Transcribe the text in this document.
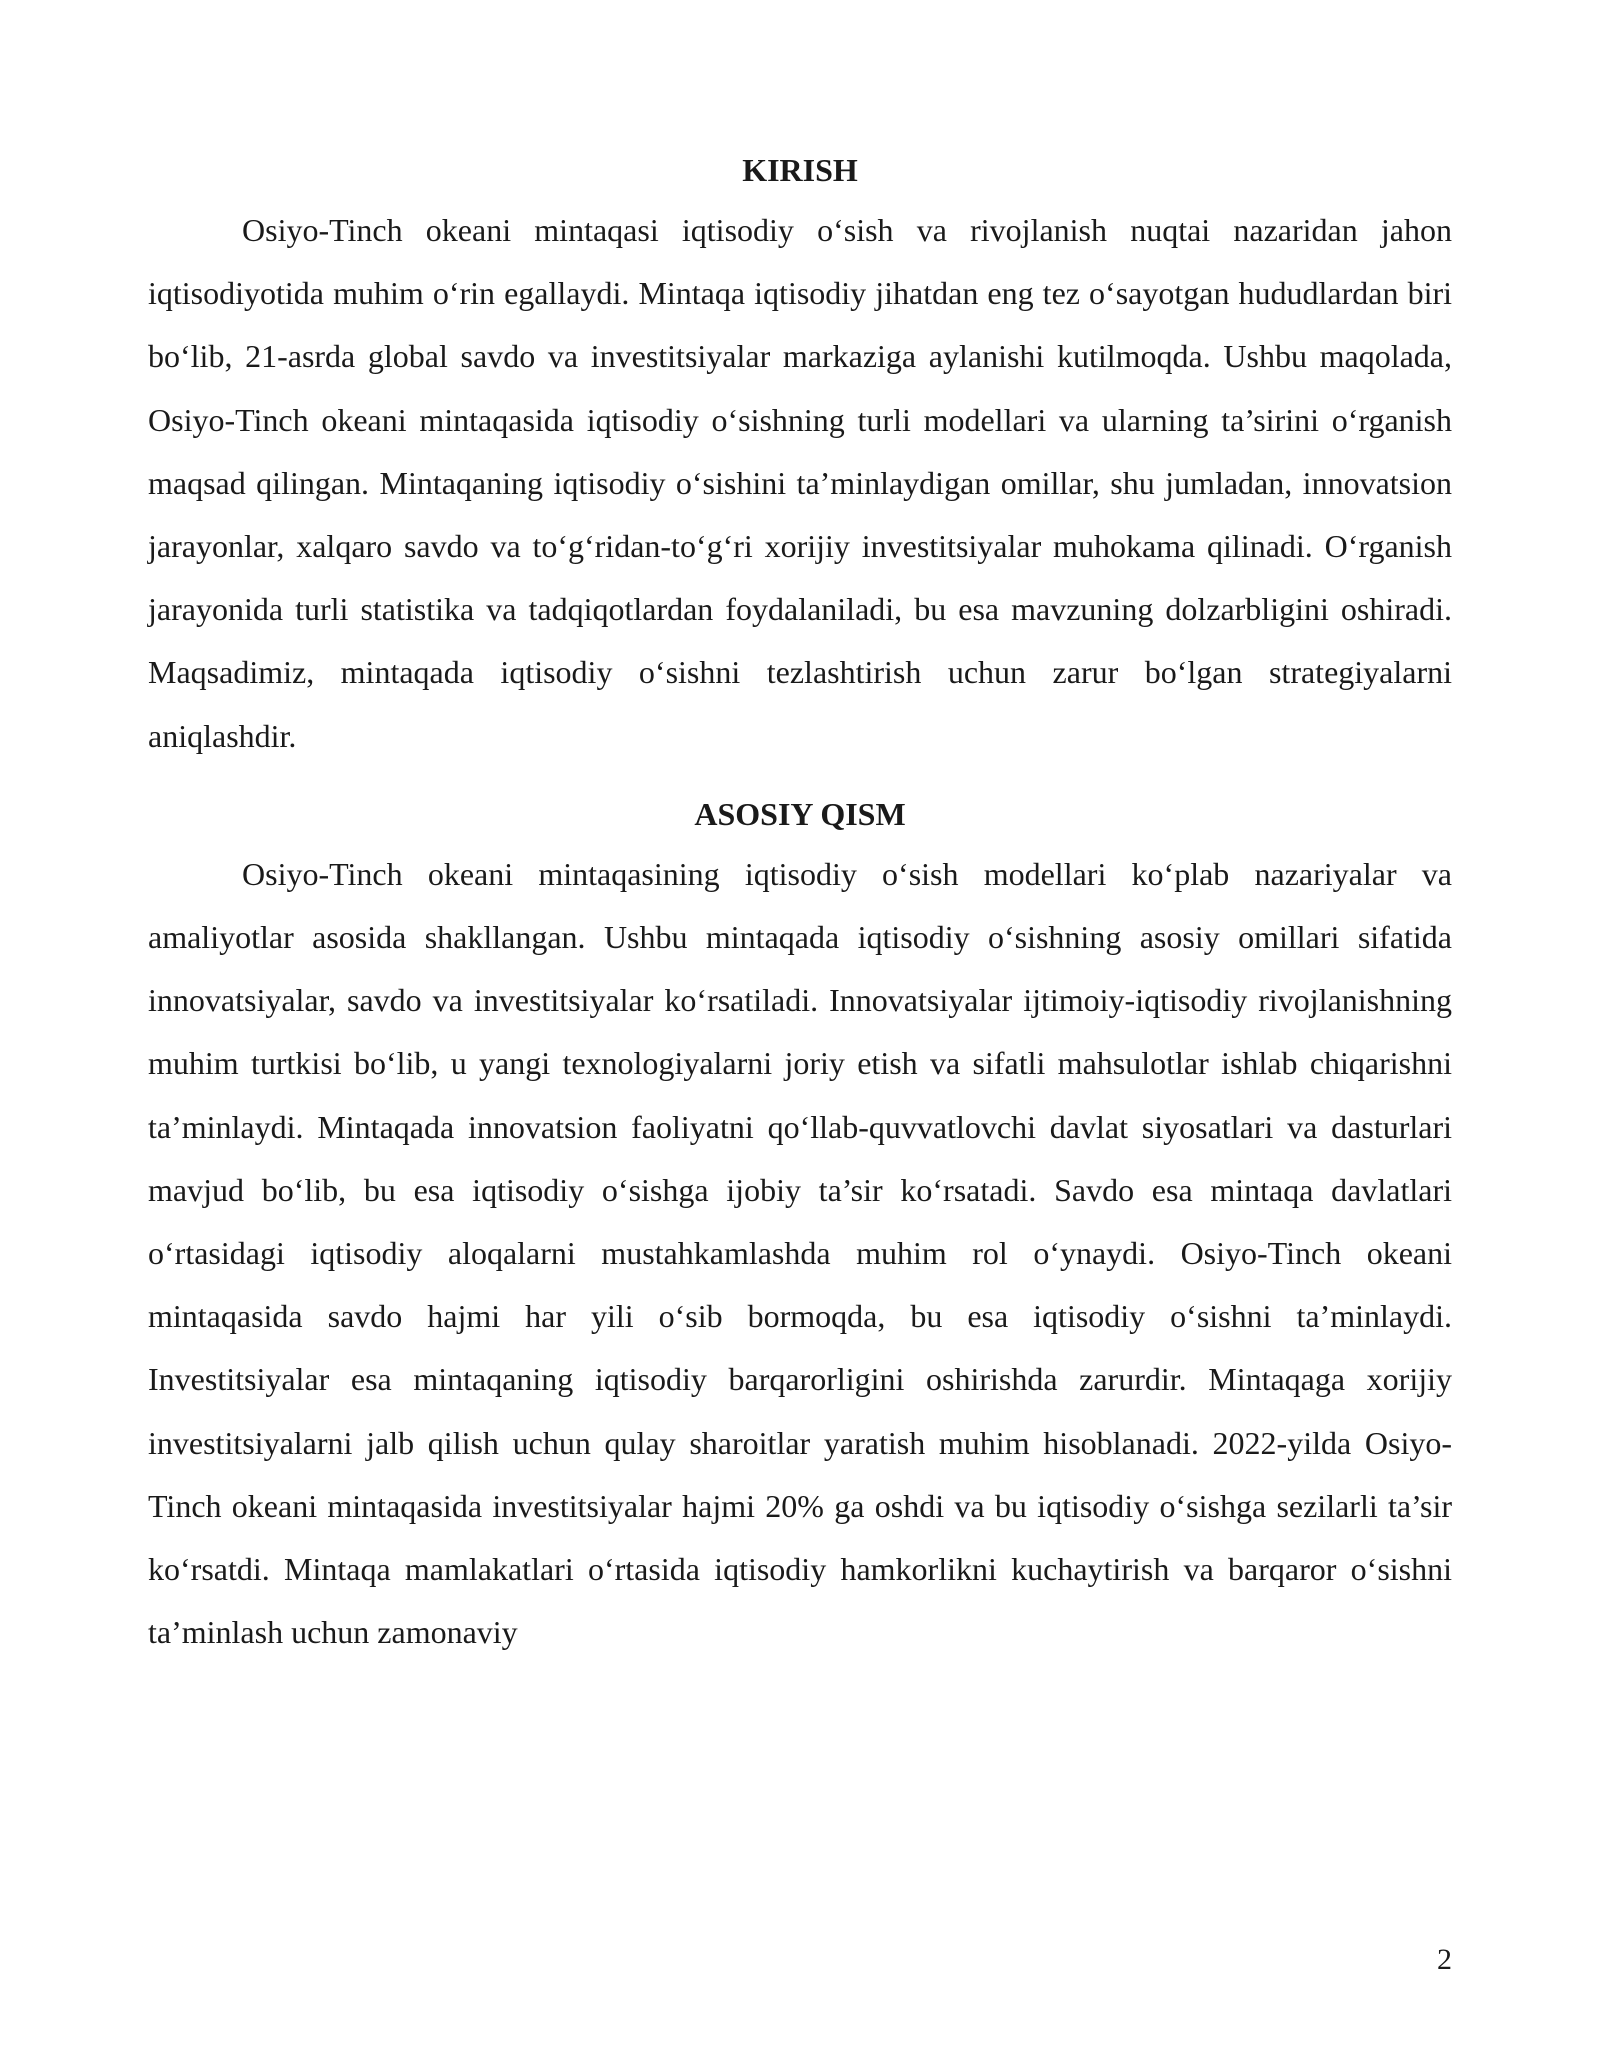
KIRISH

Osiyo-Tinch okeani mintaqasi iqtisodiy o‘sish va rivojlanish nuqtai nazaridan jahon iqtisodiyotida muhim o‘rin egallaydi. Mintaqa iqtisodiy jihatdan eng tez o‘sayotgan hududlardan biri bo‘lib, 21-asrda global savdo va investitsiyalar markaziga aylanishi kutilmoqda. Ushbu maqolada, Osiyo-Tinch okeani mintaqasida iqtisodiy o‘sishning turli modellari va ularning ta’sirini o‘rganish maqsad qilingan. Mintaqaning iqtisodiy o‘sishini ta’minlaydigan omillar, shu jumladan, innovatsion jarayonlar, xalqaro savdo va to‘g‘ridan-to‘g‘ri xorijiy investitsiyalar muhokama qilinadi. O‘rganish jarayonida turli statistika va tadqiqotlardan foydalaniladi, bu esa mavzuning dolzarbligini oshiradi. Maqsadimiz, mintaqada iqtisodiy o‘sishni tezlashtirish uchun zarur bo‘lgan strategiyalarni aniqlashdir.

ASOSIY QISM

Osiyo-Tinch okeani mintaqasining iqtisodiy o‘sish modellari ko‘plab nazariyalar va amaliyotlar asosida shakllangan. Ushbu mintaqada iqtisodiy o‘sishning asosiy omillari sifatida innovatsiyalar, savdo va investitsiyalar ko‘rsatiladi. Innovatsiyalar ijtimoiy-iqtisodiy rivojlanishning muhim turtkisi bo‘lib, u yangi texnologiyalarni joriy etish va sifatli mahsulotlar ishlab chiqarishni ta’minlaydi. Mintaqada innovatsion faoliyatni qo‘llab-quvvatlovchi davlat siyosatlari va dasturlari mavjud bo‘lib, bu esa iqtisodiy o‘sishga ijobiy ta’sir ko‘rsatadi. Savdo esa mintaqa davlatlari o‘rtasidagi iqtisodiy aloqalarni mustahkamlashda muhim rol o‘ynaydi. Osiyo-Tinch okeani mintaqasida savdo hajmi har yili o‘sib bormoqda, bu esa iqtisodiy o‘sishni ta’minlaydi. Investitsiyalar esa mintaqaning iqtisodiy barqarorligini oshirishda zarurdir. Mintaqaga xorijiy investitsiyalarni jalb qilish uchun qulay sharoitlar yaratish muhim hisoblanadi. 2022-yilda Osiyo-Tinch okeani mintaqasida investitsiyalar hajmi 20% ga oshdi va bu iqtisodiy o‘sishga sezilarli ta’sir ko‘rsatdi. Mintaqa mamlakatlari o‘rtasida iqtisodiy hamkorlikni kuchaytirish va barqaror o‘sishni ta’minlash uchun zamonaviy

2
